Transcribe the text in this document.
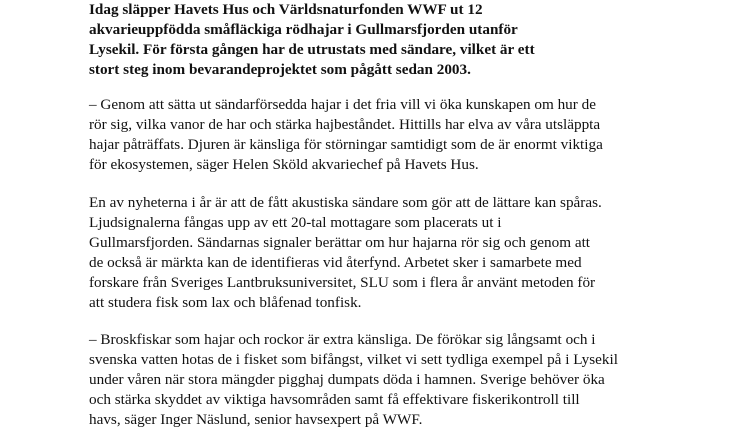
Idag släpper Havets Hus och Världsnaturfonden WWF ut 12
akvarieuppfödda småfläckiga rödhajar i Gullmarsfjorden utanför
Lysekil. För första gången har de utrustats med sändare, vilket är ett
stort steg inom bevarandeprojektet som pågått sedan 2003.
– Genom att sätta ut sändarförsedda hajar i det fria vill vi öka kunskapen om hur de
rör sig, vilka vanor de har och stärka hajbeståndet. Hittills har elva av våra utsläppta
hajar påträffats. Djuren är känsliga för störningar samtidigt som de är enormt viktiga
för ekosystemen, säger Helen Sköld akvariechef på Havets Hus.
En av nyheterna i år är att de fått akustiska sändare som gör att de lättare kan spåras.
Ljudsignalerna fångas upp av ett 20-tal mottagare som placerats ut i
Gullmarsfjorden. Sändarnas signaler berättar om hur hajarna rör sig och genom att
de också är märkta kan de identifieras vid återfynd. Arbetet sker i samarbete med
forskare från Sveriges Lantbruksuniversitet, SLU som i flera år använt metoden för
att studera fisk som lax och blåfenad tonfisk.
– Broskfiskar som hajar och rockor är extra känsliga. De förökar sig långsamt och i
svenska vatten hotas de i fisket som bifångst, vilket vi sett tydliga exempel på i Lysekil
under våren när stora mängder pigghaj dumpats döda i hamnen. Sverige behöver öka
och stärka skyddet av viktiga havsområden samt få effektivare fiskerikontroll till
havs, säger Inger Näslund, senior havsexpert på WWF.
